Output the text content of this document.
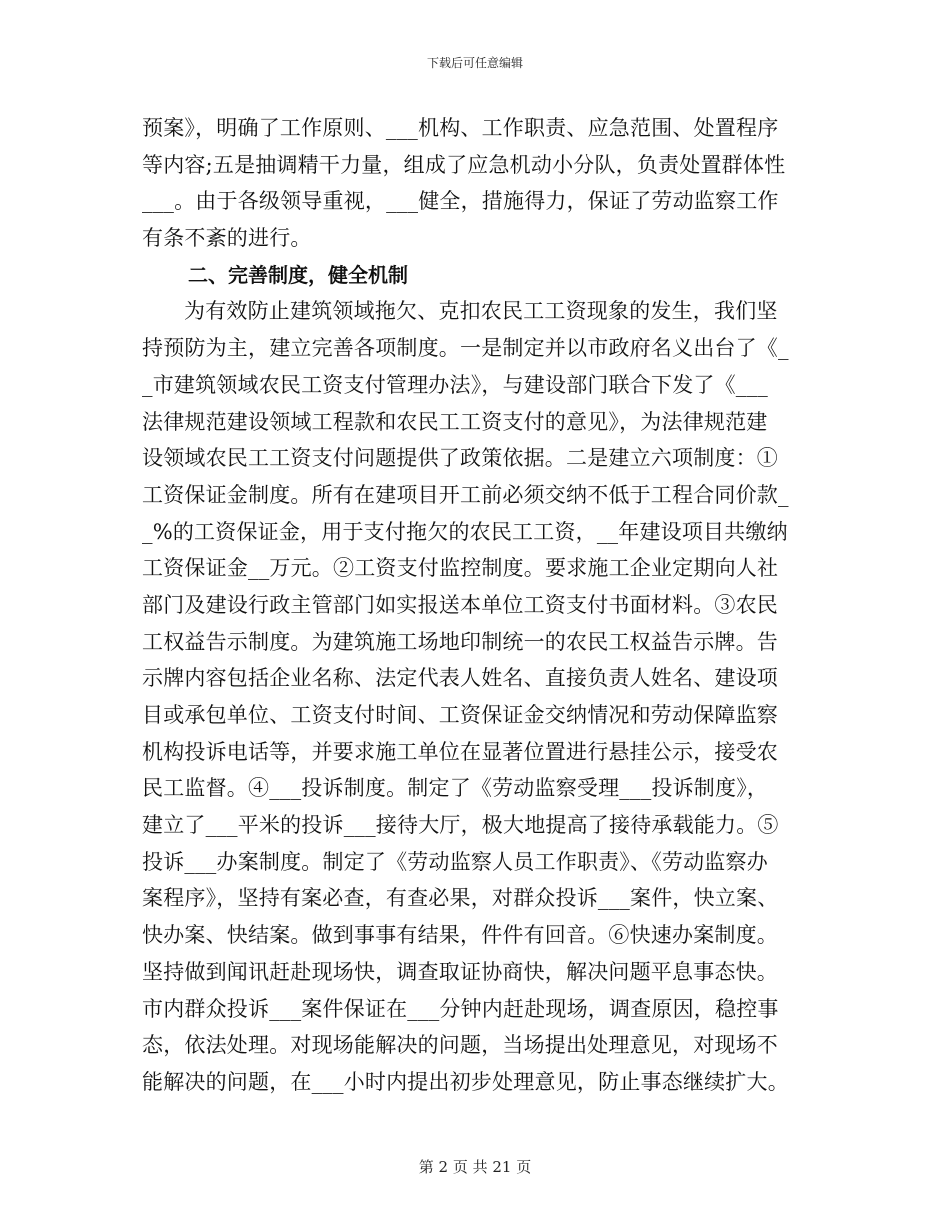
下载后可任意编辑
预案》，明确了工作原则、___机构、工作职责、应急范围、处置程序
等内容;五是抽调精干力量，组成了应急机动小分队，负责处置群体性
___。由于各级领导重视，___健全，措施得力，保证了劳动监察工作
有条不紊的进行。
二、完善制度，健全机制
为有效防止建筑领域拖欠、克扣农民工工资现象的发生，我们坚
持预防为主，建立完善各项制度。一是制定并以市政府名义出台了《_
_市建筑领域农民工资支付管理办法》，与建设部门联合下发了《___
法律规范建设领域工程款和农民工工资支付的意见》，为法律规范建
设领域农民工工资支付问题提供了政策依据。二是建立六项制度：①
工资保证金制度。所有在建项目开工前必须交纳不低于工程合同价款_
_%的工资保证金，用于支付拖欠的农民工工资，__年建设项目共缴纳
工资保证金__万元。②工资支付监控制度。要求施工企业定期向人社
部门及建设行政主管部门如实报送本单位工资支付书面材料。③农民
工权益告示制度。为建筑施工场地印制统一的农民工权益告示牌。告
示牌内容包括企业名称、法定代表人姓名、直接负责人姓名、建设项
目或承包单位、工资支付时间、工资保证金交纳情况和劳动保障监察
机构投诉电话等，并要求施工单位在显著位置进行悬挂公示，接受农
民工监督。④___投诉制度。制定了《劳动监察受理___投诉制度》，
建立了___平米的投诉___接待大厅，极大地提高了接待承载能力。⑤
投诉___办案制度。制定了《劳动监察人员工作职责》、《劳动监察办
案程序》，坚持有案必查，有查必果，对群众投诉___案件，快立案、
快办案、快结案。做到事事有结果，件件有回音。⑥快速办案制度。
坚持做到闻讯赶赴现场快，调查取证协商快，解决问题平息事态快。
市内群众投诉___案件保证在___分钟内赶赴现场，调查原因，稳控事
态，依法处理。对现场能解决的问题，当场提出处理意见，对现场不
能解决的问题，在___小时内提出初步处理意见，防止事态继续扩大。
第 2 页 共 21 页
